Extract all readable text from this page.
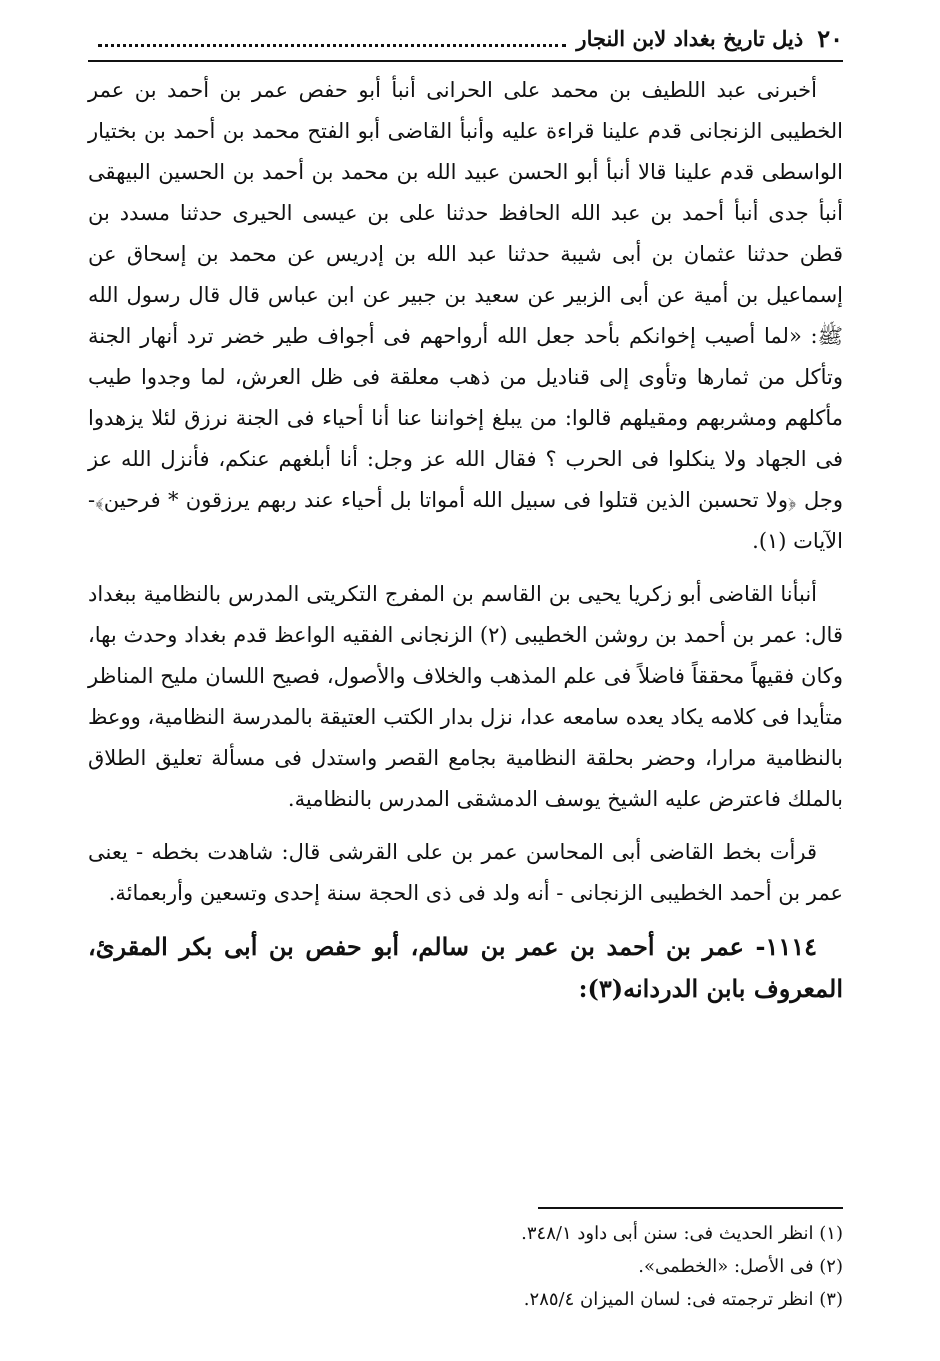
٢٠
ذيل تاريخ بغداد لابن النجار

أخبرنى عبد اللطيف بن محمد على الحرانى أنبأ أبو حفص عمر بن أحمد بن عمر الخطيبى الزنجانى قدم علينا قراءة عليه وأنبأ القاضى أبو الفتح محمد بن أحمد بن بختيار الواسطى قدم علينا قالا أنبأ أبو الحسن عبيد الله بن محمد بن أحمد بن الحسين البيهقى أنبأ جدى أنبأ أحمد بن عبد الله الحافظ حدثنا على بن عيسى الحيرى حدثنا مسدد بن قطن حدثنا عثمان بن أبى شيبة حدثنا عبد الله بن إدريس عن محمد بن إسحاق عن إسماعيل بن أمية عن أبى الزبير عن سعيد بن جبير عن ابن عباس قال قال رسول الله ﷺ: «لما أصيب إخوانكم بأحد جعل الله أرواحهم فى أجواف طير خضر ترد أنهار الجنة وتأكل من ثمارها وتأوى إلى قناديل من ذهب معلقة فى ظل العرش، لما وجدوا طيب مأكلهم ومشربهم ومقيلهم قالوا: من يبلغ إخواننا عنا أنا أحياء فى الجنة نرزق لئلا يزهدوا فى الجهاد ولا ينكلوا فى الحرب ؟ فقال الله عز وجل: أنا أبلغهم عنكم، فأنزل الله عز وجل ﴿ولا تحسبن الذين قتلوا فى سبيل الله أمواتا بل أحياء عند ربهم يرزقون * فرحين﴾- الآيات (١).

أنبأنا القاضى أبو زكريا يحيى بن القاسم بن المفرج التكريتى المدرس بالنظامية ببغداد قال: عمر بن أحمد بن روشن الخطيبى (٢) الزنجانى الفقيه الواعظ قدم بغداد وحدث بها، وكان فقيهاً محققاً فاضلاً فى علم المذهب والخلاف والأصول، فصيح اللسان مليح المناظر متأيدا فى كلامه يكاد يعده سامعه عدا، نزل بدار الكتب العتيقة بالمدرسة النظامية، ووعظ بالنظامية مرارا، وحضر بحلقة النظامية بجامع القصر واستدل فى مسألة تعليق الطلاق بالملك فاعترض عليه الشيخ يوسف الدمشقى المدرس بالنظامية.

قرأت بخط القاضى أبى المحاسن عمر بن على القرشى قال: شاهدت بخطه - يعنى عمر بن أحمد الخطيبى الزنجانى - أنه ولد فى ذى الحجة سنة إحدى وتسعين وأربعمائة.

١١١٤- عمر بن أحمد بن عمر بن سالم، أبو حفص بن أبى بكر المقرئ، المعروف بابن الدردانه(٣):

(١) انظر الحديث فى: سنن أبى داود ٣٤٨/١.
(٢) فى الأصل: «الخطمى».
(٣) انظر ترجمته فى: لسان الميزان ٢٨٥/٤.
